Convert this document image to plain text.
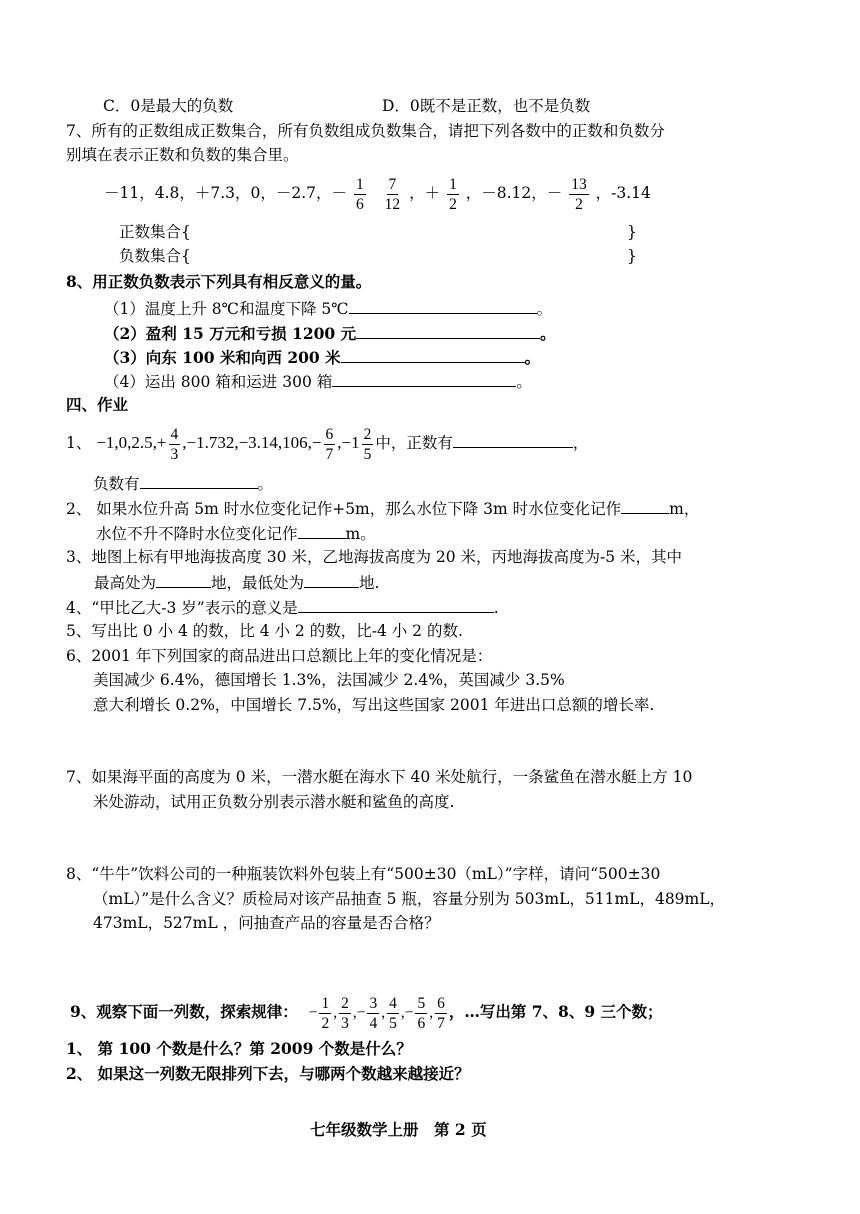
C．0是最大的负数	D．0既不是正数，也不是负数
7、所有的正数组成正数集合，所有负数组成负数集合，请把下列各数中的正数和负数分
别填在表示正数和负数的集合里。
－11，4.8，＋7.3，0，－2.7，－ $\frac{1}{6}$
$\frac{7}{12}$ ，＋ $\frac{1}{2}$ ，－8.12，－ $\frac{13}{2}$ ，-3.14
正数集合{	}
负数集合{	}
8、用正数负数表示下列具有相反意义的量。
（1）温度上升 8℃和温度下降 5℃	。
（2）盈利 15 万元和亏损 1200 元	。
（3）向东 100 米和向西 200 米	。
（4）运出 800 箱和运进 300 箱	。
四、作业
1、 $-1,0,2.5,+ \frac{4}{3} ,-1.732,-3.14,106,- \frac{6}{7} ,-1 \frac{2}{5}$ 中，正数有	，
负数有	。
2、 如果水位升高 5m 时水位变化记作+5m，那么水位下降 3m 时水位变化记作	m，
水位不升不降时水位变化记作	m。
3、地图上标有甲地海拔高度 30 米，乙地海拔高度为 20 米，丙地海拔高度为-5 米，其中
最高处为	地，最低处为	地.
4、“甲比乙大-3 岁”表示的意义是	.
5、写出比 0 小 4 的数，比 4 小 2 的数，比-4 小 2 的数.
6、2001 年下列国家的商品进出口总额比上年的变化情况是：
美国减少 6.4%，德国增长 1.3%，法国减少 2.4%，英国减少 3.5%
意大利增长 0.2%，中国增长 7.5%，写出这些国家 2001 年进出口总额的增长率.
7、如果海平面的高度为 0 米，一潜水艇在海水下 40 米处航行，一条鲨鱼在潜水艇上方 10
米处游动，试用正负数分别表示潜水艇和鲨鱼的高度.
8、“牛牛”饮料公司的一种瓶装饮料外包装上有“500±30（mL）”字样，请问“500±30
（mL）”是什么含义？质检局对该产品抽查 5 瓶，容量分别为 503mL，511mL，489mL，
473mL，527mL ，问抽查产品的容量是否合格？
9、观察下面一列数，探索规律： − $\frac{1}{2}$ , $\frac{2}{3}$ ,− $\frac{3}{4}$ , $\frac{4}{5}$ ,− $\frac{5}{6}$ , $\frac{6}{7}$ ，…写出第 7、8、9 三个数；
1、 第 100 个数是什么？第 2009 个数是什么？
2、 如果这一列数无限排列下去，与哪两个数越来越接近？
七年级数学上册　第 2 页
